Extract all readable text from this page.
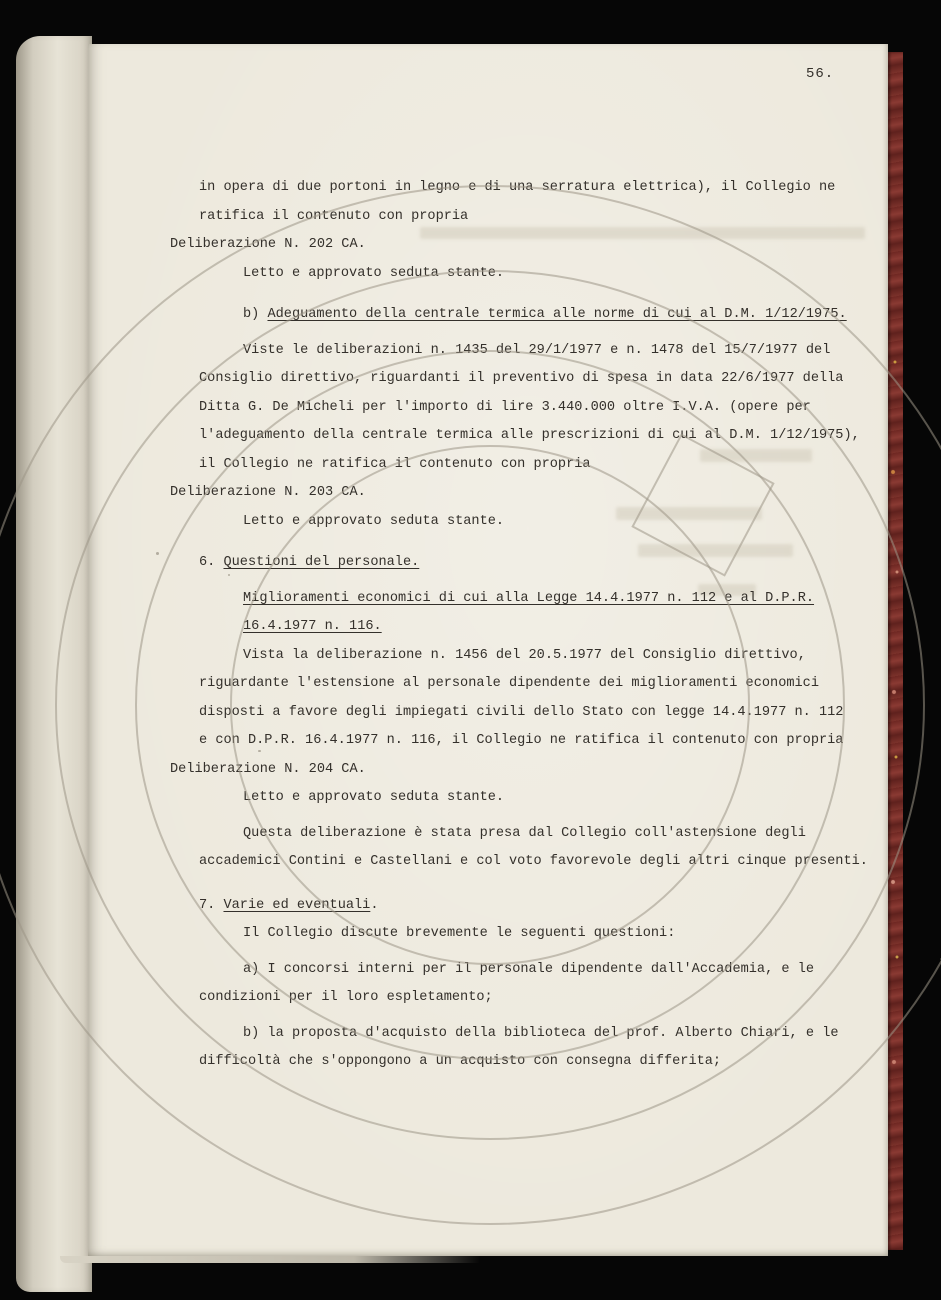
56.
in opera di due portoni in legno e di una serratura elettrica), il Collegio ne
ratifica il contenuto con propria
Deliberazione N. 202 CA.
Letto e approvato seduta stante.
b) Adeguamento della centrale termica alle norme di cui al D.M. 1/12/1975.
Viste le deliberazioni n. 1435 del 29/1/1977 e n. 1478 del 15/7/1977 del
Consiglio direttivo, riguardanti il preventivo di spesa in data 22/6/1977 della
Ditta G. De Micheli per l'importo di lire 3.440.000 oltre I.V.A. (opere per
l'adeguamento della centrale termica alle prescrizioni di cui al D.M. 1/12/1975),
il Collegio ne ratifica il contenuto con propria
Deliberazione N. 203 CA.
Letto e approvato seduta stante.
6. Questioni del personale.
Miglioramenti economici di cui alla Legge 14.4.1977 n. 112 e al D.P.R.
16.4.1977 n. 116.
Vista la deliberazione n. 1456 del 20.5.1977 del Consiglio direttivo,
riguardante l'estensione al personale dipendente dei miglioramenti economici
disposti a favore degli impiegati civili dello Stato con legge 14.4.1977 n. 112
e con D.P.R. 16.4.1977 n. 116, il Collegio ne ratifica il contenuto con propria
Deliberazione N. 204 CA.
Letto e approvato seduta stante.
Questa deliberazione è stata presa dal Collegio coll'astensione degli
accademici Contini e Castellani e col voto favorevole degli altri cinque presenti.
7. Varie ed eventuali.
Il Collegio discute brevemente le seguenti questioni:
a) I concorsi interni per il personale dipendente dall'Accademia, e le
condizioni per il loro espletamento;
b) la proposta d'acquisto della biblioteca del prof. Alberto Chiari, e le
difficoltà che s'oppongono a un acquisto con consegna differita;
